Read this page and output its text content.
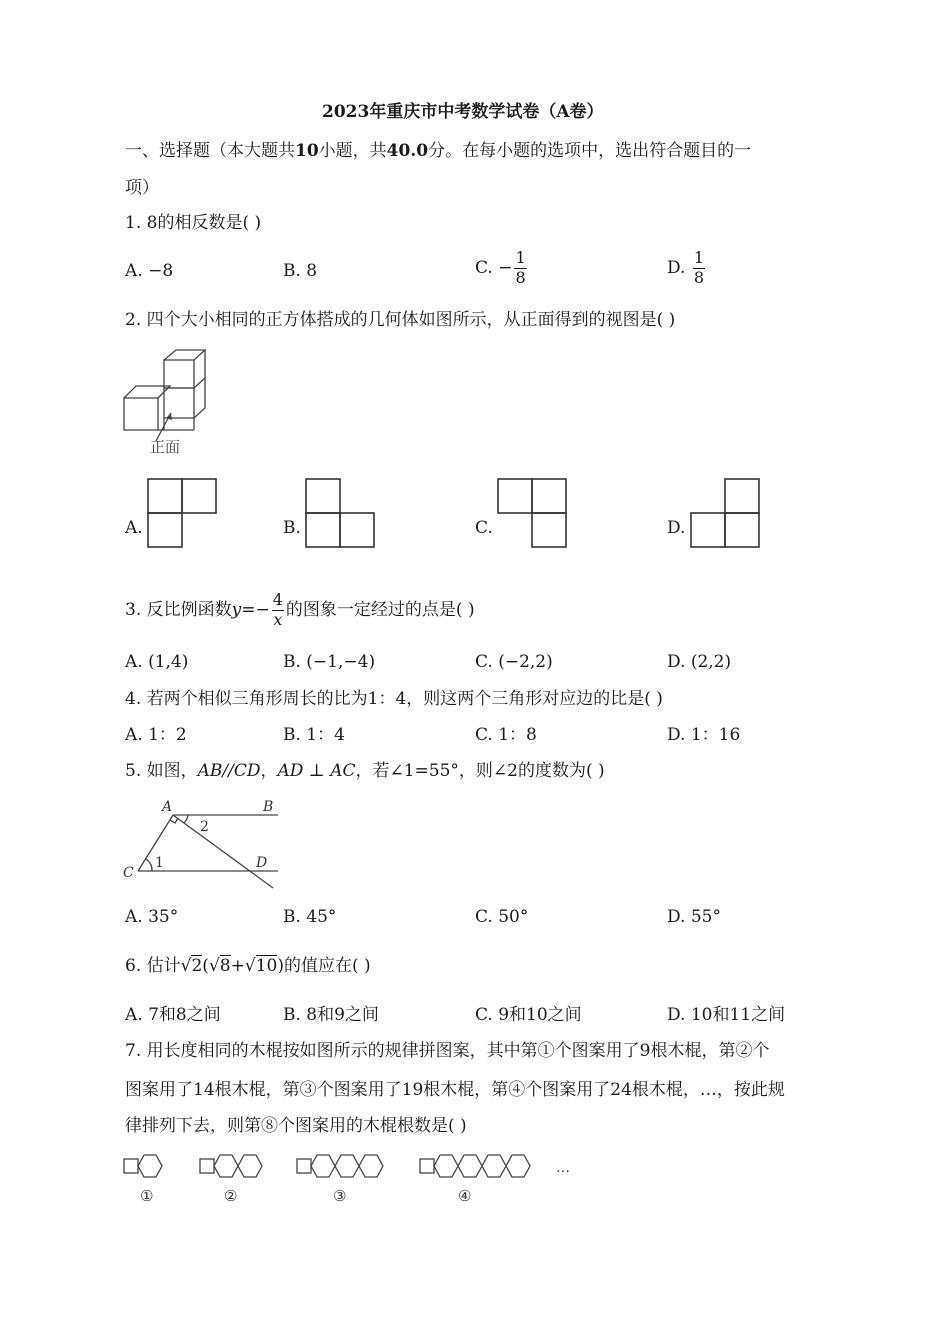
2023年重庆市中考数学试卷（A卷）
一、选择题（本大题共10小题，共40.0分。在每小题的选项中，选出符合题目的一
项）
1. 8的相反数是( )
A. −8	B. 8	C. − $\frac{1}{8}$	D. $\frac{1}{8}$
2. 四个大小相同的正方体搭成的几何体如图所示，从正面得到的视图是( )
正面
A.	B.	C.	D.
3. 反比例函数$y=- \frac{4}{x}$ 的图象一定经过的点是( )
A. (1,4)	B. (−1,−4)	C. (−2,2)	D. (2,2)
4. 若两个相似三角形周长的比为1：4，则这两个三角形对应边的比是( )
A. 1：2	B. 1：4	C. 1：8	D. 1：16
5. 如图，AB//CD，AD ⊥ AC，若∠1=55°，则∠2的度数为( )
A	B
C
D
1
2
A. 35°	B. 45°	C. 50°	D. 55°
6. 估计√2(√8+√10)的值应在( )
A. 7和8之间	B. 8和9之间	C. 9和10之间	D. 10和11之间
7. 用长度相同的木棍按如图所示的规律拼图案，其中第①个图案用了9根木棍，第②个
图案用了14根木棍，第③个图案用了19根木棍，第④个图案用了24根木棍，…，按此规
律排列下去，则第⑧个图案用的木棍根数是( )
…
①	②	③	④
